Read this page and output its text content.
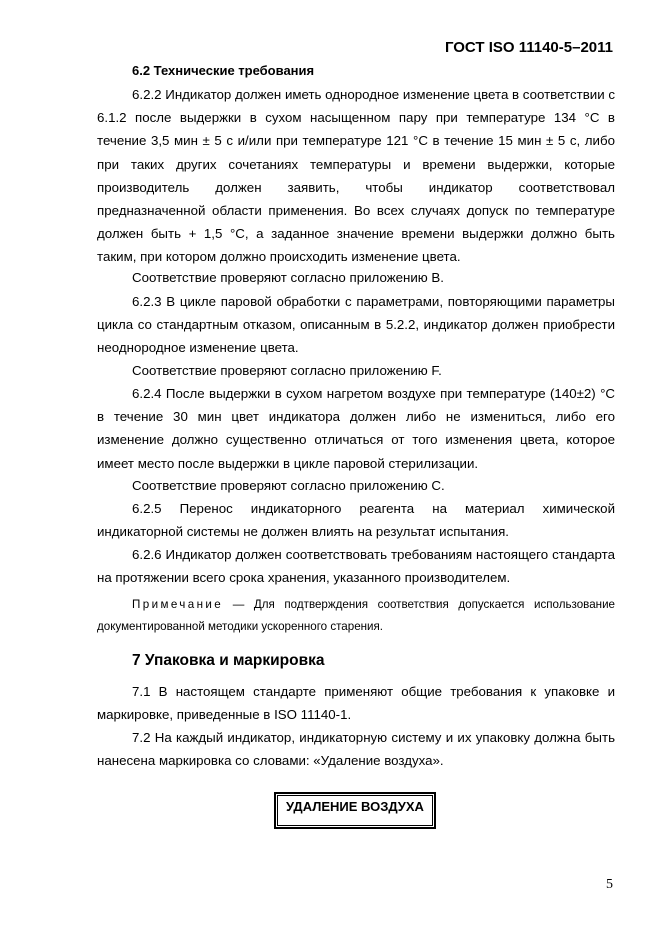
ГОСТ ISO 11140-5–2011
6.2 Технические требования
6.2.2 Индикатор должен иметь однородное изменение цвета в соответствии с 6.1.2 после выдержки в сухом насыщенном пару при температуре 134 °С в течение 3,5 мин ± 5 с и/или при температуре 121 °С в течение 15 мин ± 5 с, либо при таких других сочетаниях температуры и времени выдержки, которые производитель должен заявить, чтобы индикатор соответствовал предназначенной области применения. Во всех случаях допуск по температуре должен быть + 1,5 °С, а заданное значение времени выдержки должно быть таким, при котором должно происходить изменение цвета.
Соответствие проверяют согласно приложению B.
6.2.3 В цикле паровой обработки с параметрами, повторяющими параметры цикла со стандартным отказом, описанным в 5.2.2, индикатор должен приобрести неоднородное изменение цвета.
Соответствие проверяют согласно приложению F.
6.2.4 После выдержки в сухом нагретом воздухе при температуре (140±2) °С в течение 30 мин цвет индикатора должен либо не измениться, либо его изменение должно существенно отличаться от того изменения цвета, которое имеет место после выдержки в цикле паровой стерилизации.
Соответствие проверяют согласно приложению C.
6.2.5 Перенос индикаторного реагента на материал химической индикаторной системы не должен влиять на результат испытания.
6.2.6 Индикатор должен соответствовать требованиям настоящего стандарта на протяжении всего срока хранения, указанного производителем.
Примечание — Для подтверждения соответствия допускается использование документированной методики ускоренного старения.
7 Упаковка и маркировка
7.1 В настоящем стандарте применяют общие требования к упаковке и маркировке, приведенные в ISO 11140-1.
7.2 На каждый индикатор, индикаторную систему и их упаковку должна быть нанесена маркировка со словами: «Удаление воздуха».
УДАЛЕНИЕ ВОЗДУХА
5
